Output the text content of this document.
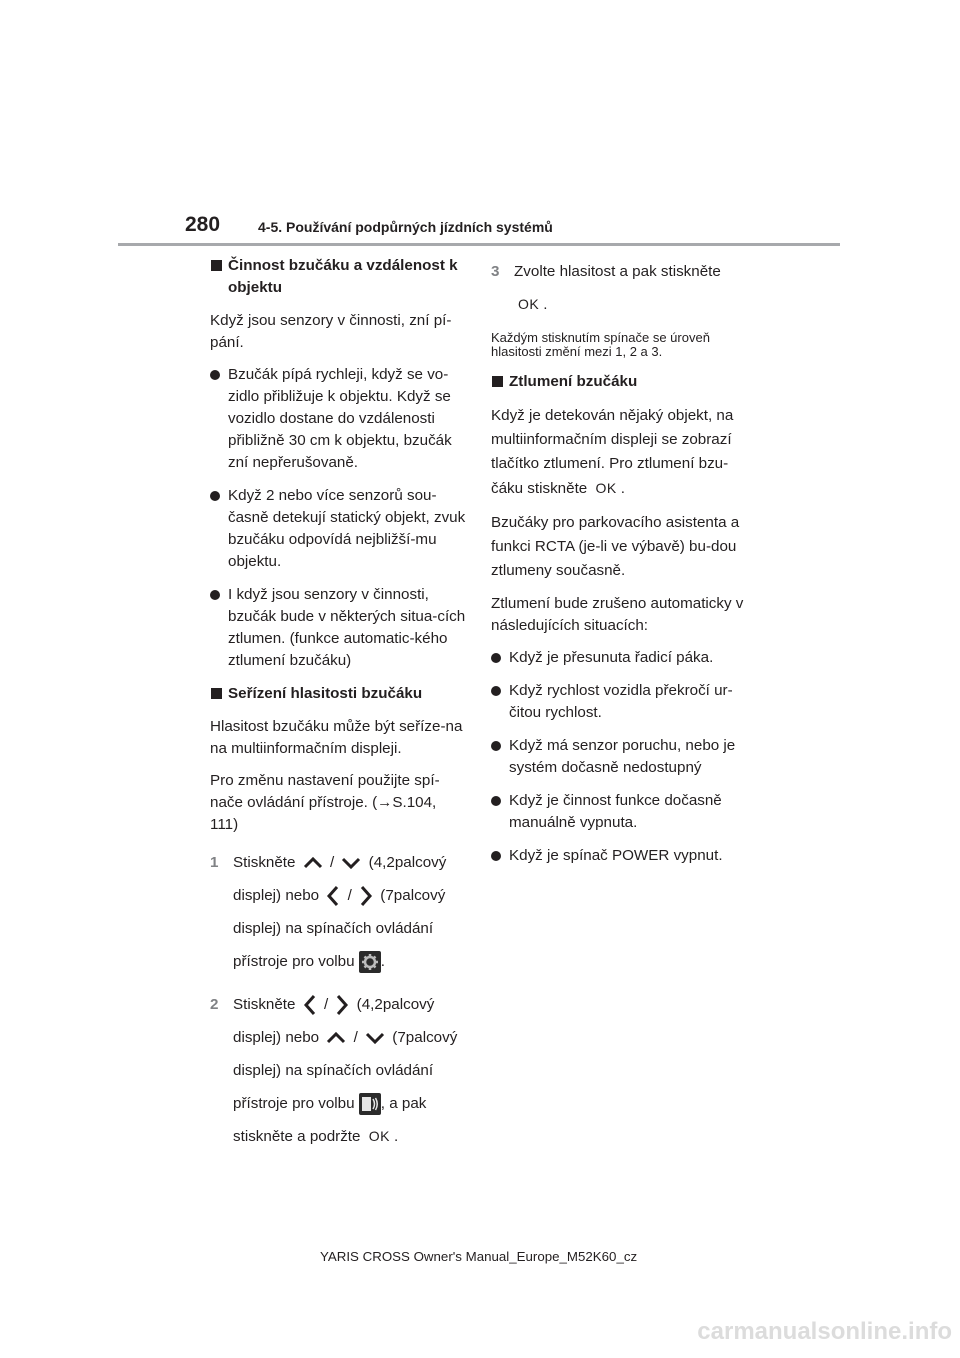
280	4-5. Používání podpůrných jízdních systémů
Činnost bzučáku a vzdálenost k objektu

Když jsou senzory v činnosti, zní pí-pání.

Bzučák pípá rychleji, když se vo-zidlo přibližuje k objektu. Když se vozidlo dostane do vzdálenosti přibližně 30 cm k objektu, bzučák zní nepřerušovaně.
Když 2 nebo více senzorů sou-časně detekují statický objekt, zvuk bzučáku odpovídá nejbližší-mu objektu.
I když jsou senzory v činnosti, bzučák bude v některých situa-cích ztlumen. (funkce automatic-kého ztlumení bzučáku)
Seřízení hlasitosti bzučáku

Hlasitost bzučáku může být seříze-na na multiinformačním displeji.

Pro změnu nastavení použijte spí-nače ovládání přístroje. (→S.104, 111)

1 Stiskněte / (4,2palcový displej) nebo / (7palcový displej) na spínačích ovládání přístroje pro volbu .
2 Stiskněte / (4,2palcový displej) nebo / (7palcový displej) na spínačích ovládání přístroje pro volbu , a pak stiskněte a podržte OK .
3 Zvolte hlasitost a pak stiskněte OK .

Každým stisknutím spínače se úroveň hlasitosti změní mezi 1, 2 a 3.

Ztlumení bzučáku

Když je detekován nějaký objekt, na multiinformačním displeji se zobrazí tlačítko ztlumení. Pro ztlumení bzu-čáku stiskněte OK .

Bzučáky pro parkovacího asistenta a funkci RCTA (je-li ve výbavě) bu-dou ztlumeny současně.

Ztlumení bude zrušeno automaticky v následujících situacích:

Když je přesunuta řadicí páka.
Když rychlost vozidla překročí ur-čitou rychlost.
Když má senzor poruchu, nebo je systém dočasně nedostupný
Když je činnost funkce dočasně manuálně vypnuta.
Když je spínač POWER vypnut.
YARIS CROSS Owner's Manual_Europe_M52K60_cz
carmanualsonline.info
